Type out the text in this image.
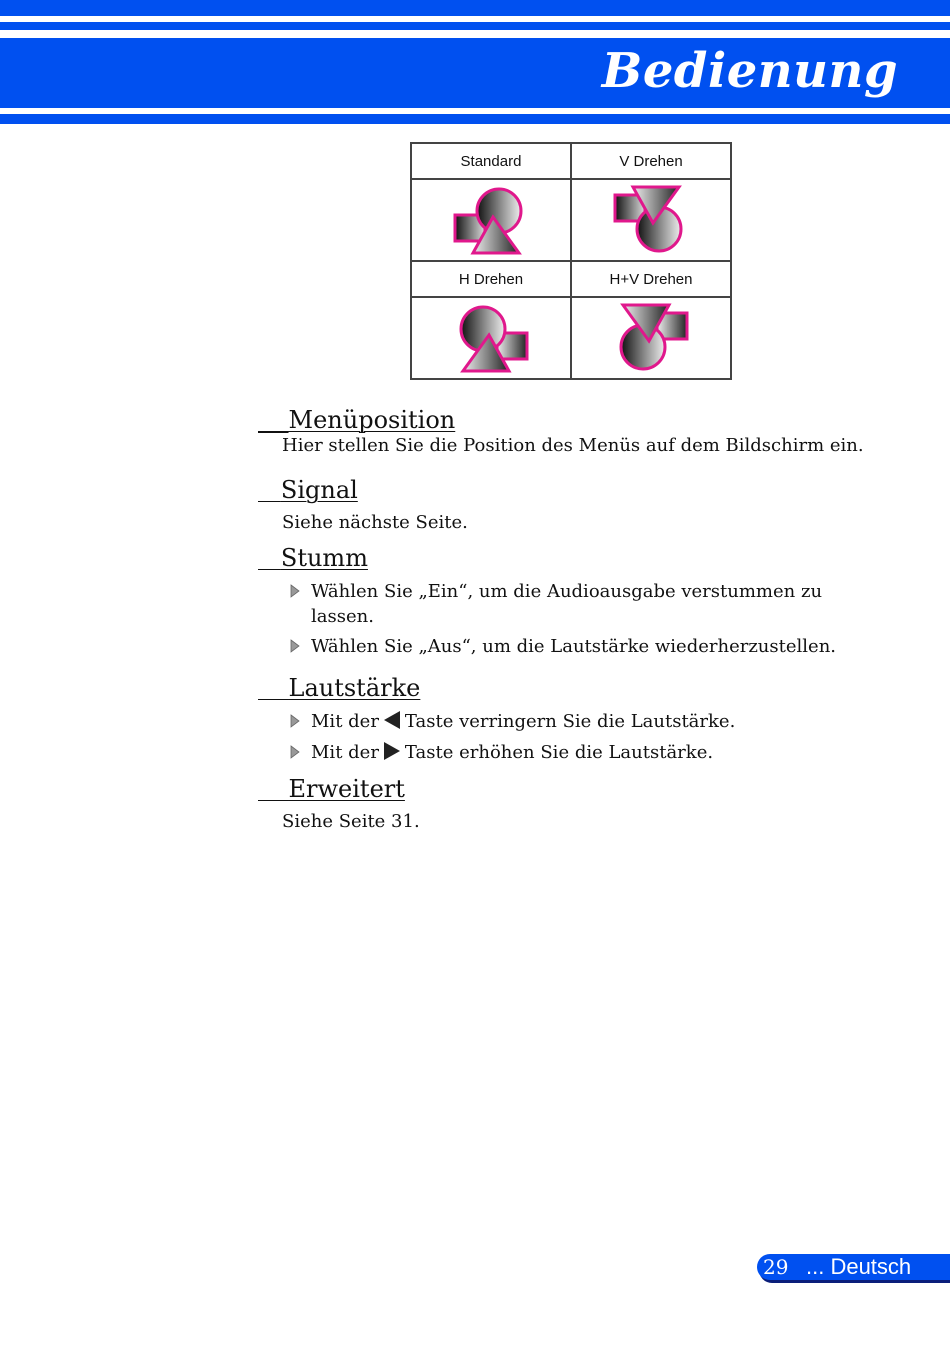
Bedienung
Standard	V Drehen

H Drehen	H+V Drehen

Menüposition
Hier stellen Sie die Position des Menüs auf dem Bildschirm ein.
Signal
Siehe nächste Seite.
Stumm
Wählen Sie „Ein“, um die Audioausgabe verstummen zu
lassen.
Wählen Sie „Aus“, um die Lautstärke wiederherzustellen.
Lautstärke
Mit der Taste verringern Sie die Lautstärke.
Mit der Taste erhöhen Sie die Lautstärke.
Erweitert
Siehe Seite 31.
29 ... Deutsch
